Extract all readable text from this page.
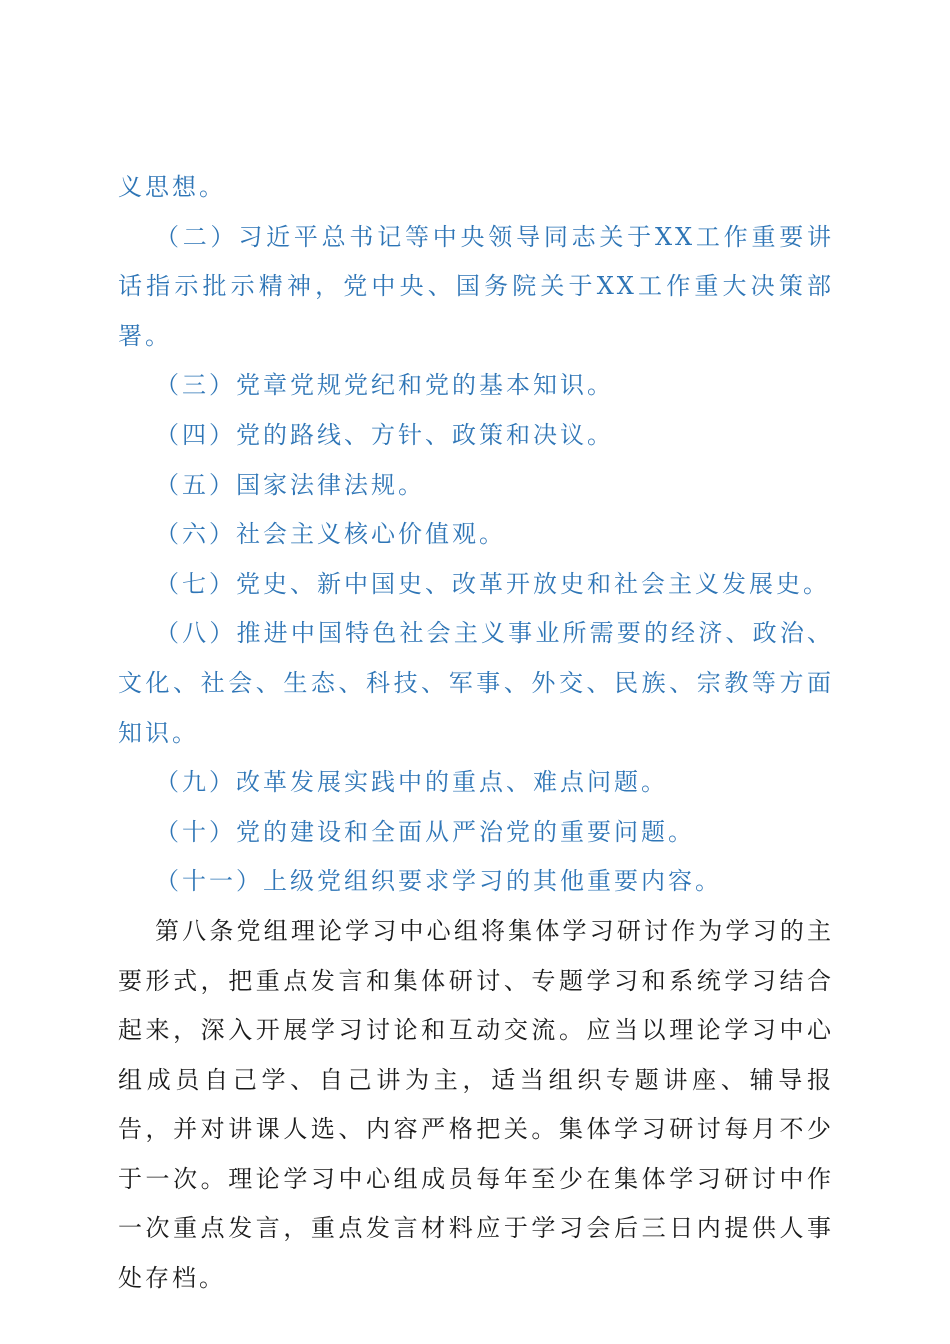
义思想。

（二）习近平总书记等中央领导同志关于XX工作重要讲话指示批示精神，党中央、国务院关于XX工作重大决策部署。

（三）党章党规党纪和党的基本知识。

（四）党的路线、方针、政策和决议。

（五）国家法律法规。

（六）社会主义核心价值观。

（七）党史、新中国史、改革开放史和社会主义发展史。

（八）推进中国特色社会主义事业所需要的经济、政治、文化、社会、生态、科技、军事、外交、民族、宗教等方面知识。

（九）改革发展实践中的重点、难点问题。

（十）党的建设和全面从严治党的重要问题。

（十一）上级党组织要求学习的其他重要内容。

第八条党组理论学习中心组将集体学习研讨作为学习的主要形式，把重点发言和集体研讨、专题学习和系统学习结合起来，深入开展学习讨论和互动交流。应当以理论学习中心组成员自己学、自己讲为主，适当组织专题讲座、辅导报告，并对讲课人选、内容严格把关。集体学习研讨每月不少于一次。理论学习中心组成员每年至少在集体学习研讨中作一次重点发言，重点发言材料应于学习会后三日内提供人事处存档。
